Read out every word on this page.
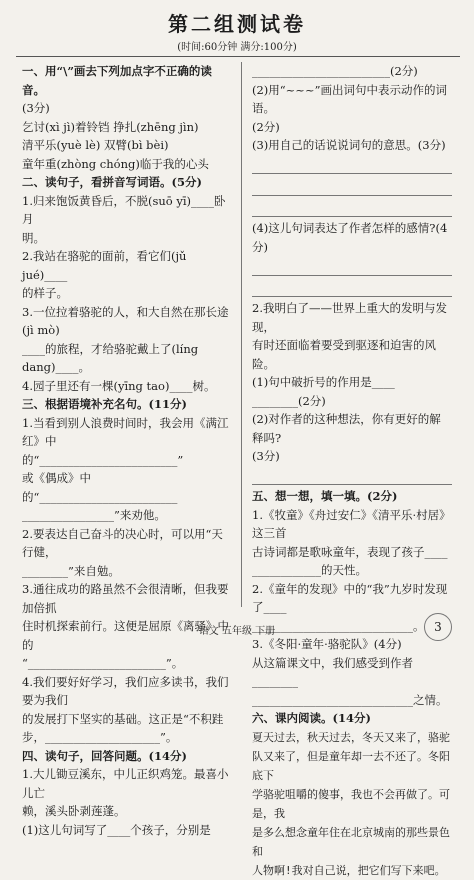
第二组测试卷
(时间:60分钟 满分:100分)
一、用“\”画去下列加点字不正确的读音。
(3分)
乞讨(xì jì)着铃铛 挣扎(zhēng jìn)
清平乐(yuè lè) 双臂(bì bèi)
童年重(zhòng chóng)临于我的心头
二、读句子，看拼音写词语。(5分)
1.归来饱饭黄昏后，不脱(suō yī)____卧月
明。
2.我站在骆驼的面前，看它们(jǔ jué)____
的样子。
3.一位拉着骆驼的人，和大自然在那长途(jì mò)
____的旅程，才给骆驼戴上了(líng
dang)____。
4.园子里还有一棵(yīng tao)____树。
三、根据语境补充名句。(11分)
1.当看到别人浪费时间时，我会用《满江红》中
的“________________________”
或《偶成》中的“________________________
________________”来劝他。
2.要表达自己奋斗的决心时，可以用“天行健，
________”来自勉。
3.通往成功的路虽然不会很清晰，但我要加倍抓
住时机探索前行。这便是屈原《离骚》中的
“________________________”。
4.我们要好好学习，我们应多读书，我们要为我们
的发展打下坚实的基础。这正是“不积跬
步，____________________”。
四、读句子，回答问题。(14分)
1.大儿锄豆溪东，中儿正织鸡笼。最喜小儿亡
赖，溪头卧剥莲蓬。
(1)这儿句词写了____个孩子，分别是
________________________(2分)
(2)用“~~~”画出词句中表示动作的词语。
(2分)
(3)用自己的话说说词句的意思。(3分)
(4)这儿句词表达了作者怎样的感情?(4分)
2.我明白了——世界上重大的发明与发现，
有时还面临着要受到驱逐和迫害的风险。
(1)句中破折号的作用是____
________(2分)
(2)对作者的这种想法，你有更好的解释吗?
(3分)
五、想一想，填一填。(2分)
1.《牧童》《舟过安仁》《清平乐·村居》这三首
古诗词都是歌咏童年，表现了孩子____
____________的天性。
2.《童年的发现》中的“我”九岁时发现了____
____________________________。
3.《冬阳·童年·骆驼队》(4分)
从这篇课文中，我们感受到作者________
____________________________之情。
六、课内阅读。(14分)
夏天过去，秋天过去，冬天又来了，骆驼
队又来了，但是童年却一去不还了。冬阳底下
学骆驼咀嚼的傻事，我也不会再做了。可是，我
是多么想念童年住在北京城南的那些景色和
人物啊!我对自己说，把它们写下来吧。
语文 五年级 下册	3
